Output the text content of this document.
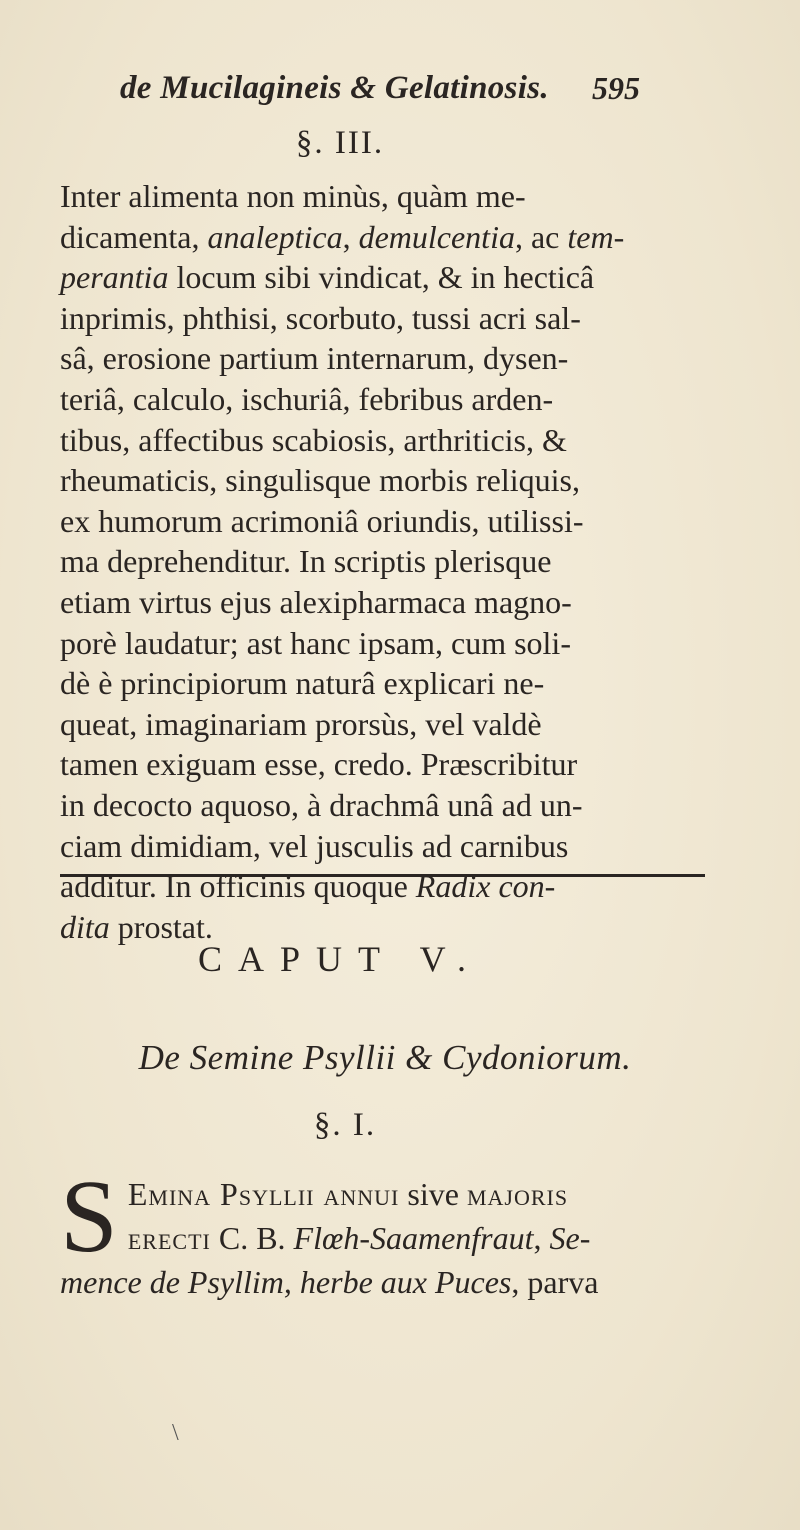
de Mucilagineis & Gelatinosis. 595
§. III.
Inter alimenta non minùs, quàm me-
dicamenta, analeptica, demulcentia, ac tem-
perantia locum sibi vindicat, & in hecticâ
inprimis, phthisi, scorbuto, tussi acri sal-
sâ, erosione partium internarum, dysen-
teriâ, calculo, ischuriâ, febribus arden-
tibus, affectibus scabiosis, arthriticis, &
rheumaticis, singulisque morbis reliquis,
ex humorum acrimoniâ oriundis, utilissi-
ma deprehenditur. In scriptis plerisque
etiam virtus ejus alexipharmaca magno-
porè laudatur; ast hanc ipsam, cum soli-
dè è principiorum naturâ explicari ne-
queat, imaginariam prorsùs, vel valdè
tamen exiguam esse, credo. Præscribitur
in decocto aquoso, à drachmâ unâ ad un-
ciam dimidiam, vel jusculis ad carnibus
additur. In officinis quoque Radix con-
dita prostat.
CAPUT V.
De Semine Psyllii & Cydoniorum.
§. I.
S Emina Psyllii annui sive majoris
erecti C. B. Flœh-Saamenfraut, Se-
mence de Psyllim, herbe aux Puces, parva
\
